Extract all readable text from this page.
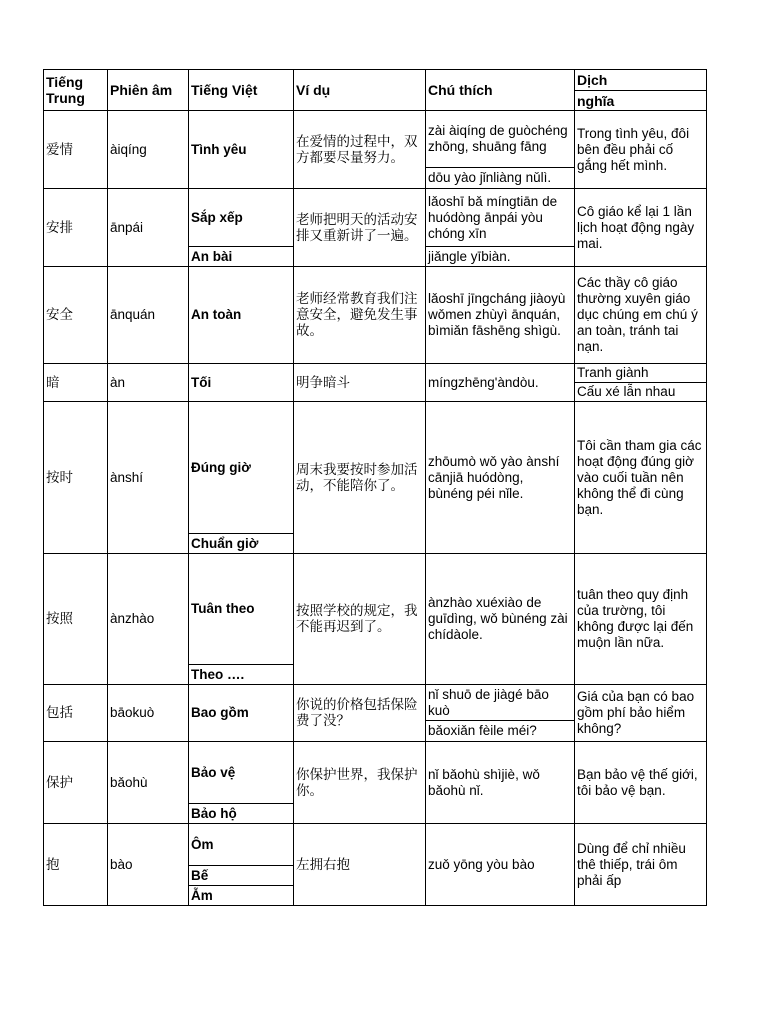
Tiếng Trung	Phiên âm	Tiếng Việt	Ví dụ	Chú thích	Dịch
					nghĩa
爱情	àiqíng	Tình yêu	在爱情的过程中，双方都要尽量努力。	zài àiqíng de guòchéng zhōng, shuāng fāng	Trong tình yêu, đôi bên đều phải cố gắng hết mình.
				dōu yào jǐnliàng nǔlì.	
安排	ānpái	Sắp xếp	老师把明天的活动安排又重新讲了一遍。	lǎoshī bǎ míngtiān de huódòng ānpái yòu chóng xīn	Cô giáo kể lại 1 lần lịch hoạt động ngày mai.
		An bài		jiǎngle yībiàn.	
安全	ānquán	An toàn	老师经常教育我们注意安全，避免发生事故。	lǎoshī jīngcháng jiàoyù wǒmen zhùyì ānquán, bìmiǎn fāshēng shìgù.	Các thầy cô giáo thường xuyên giáo dục chúng em chú ý an toàn, tránh tai nạn.
暗	àn	Tối	明争暗斗	míngzhēng'àndòu.	Tranh giành
					Cấu xé lẫn nhau
按时	ànshí	Đúng giờ	周末我要按时参加活动，不能陪你了。	zhōumò wǒ yào ànshí cānjiā huódòng, bùnéng péi nǐle.	Tôi cần tham gia các hoạt động đúng giờ vào cuối tuần nên không thể đi cùng bạn.
		Chuẩn giờ			
按照	ànzhào	Tuân theo	按照学校的规定，我不能再迟到了。	ànzhào xuéxiào de guīdìng, wǒ bùnéng zài chídàole.	tuân theo quy định của trường, tôi không được lại đến muộn lần nữa.
		Theo ….			
包括	bāokuò	Bao gồm	你说的价格包括保险费了没？	nǐ shuō de jiàgé bāo kuò	Giá của bạn có bao gồm phí bảo hiểm không?
				bǎoxiǎn fèile méi?	
保护	bǎohù	Bảo vệ	你保护世界，我保护你。	nǐ bǎohù shìjiè, wǒ bǎohù nǐ.	Bạn bảo vệ thế giới, tôi bảo vệ bạn.
		Bảo hộ			
抱	bào	Ôm	左拥右抱	zuǒ yōng yòu bào	Dùng để chỉ nhiều thê thiếp, trái ôm phải ấp
		Bế			
		Ẵm			
